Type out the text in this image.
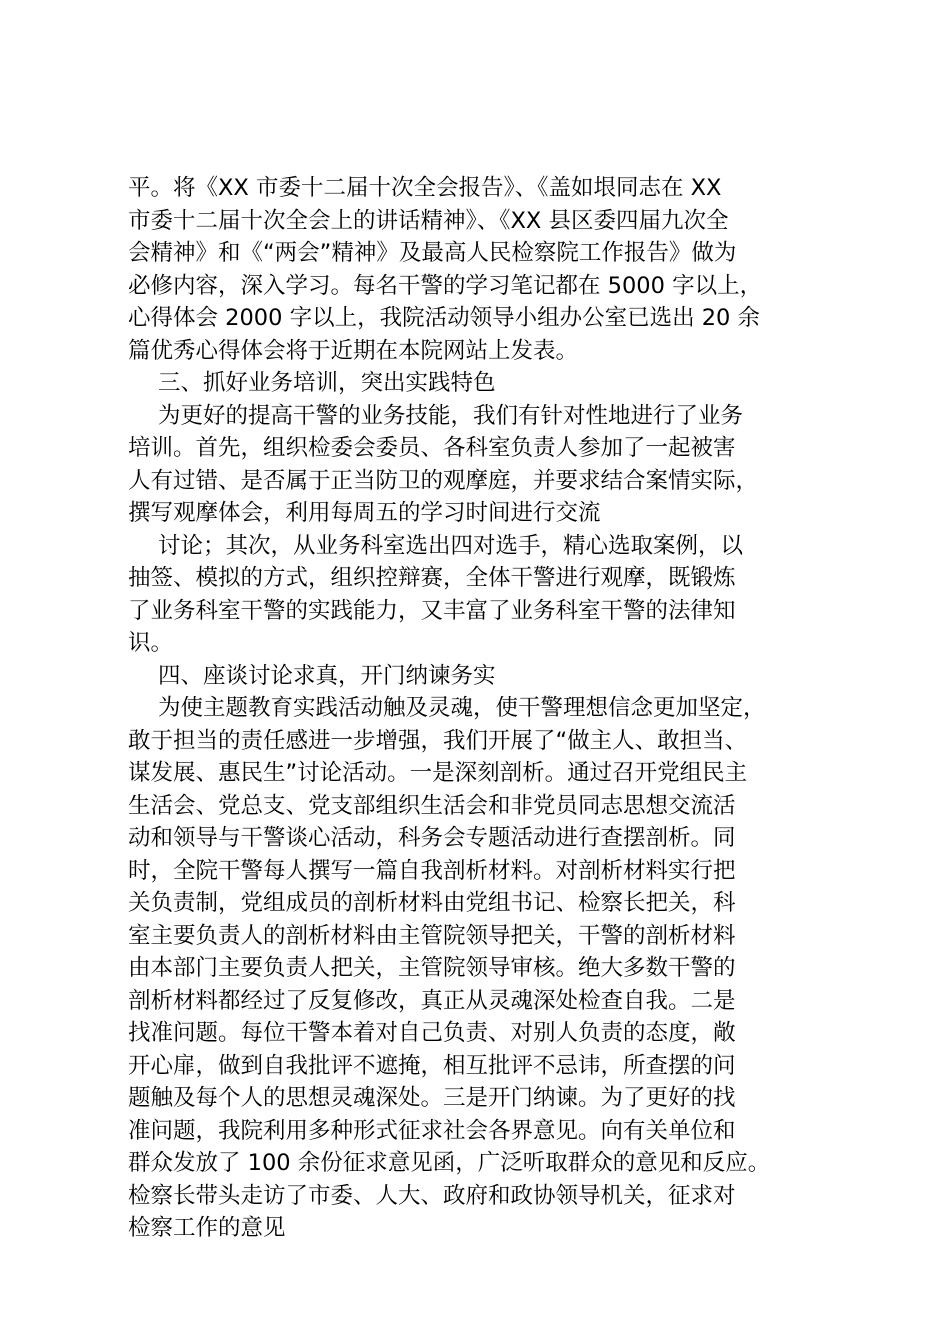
平。将《XX 市委十二届十次全会报告》、《盖如垠同志在 XX
市委十二届十次全会上的讲话精神》、《XX 县区委四届九次全
会精神》和《“两会”精神》及最高人民检察院工作报告》做为
必修内容，深入学习。每名干警的学习笔记都在 5000 字以上，
心得体会 2000 字以上，我院活动领导小组办公室已选出 20 余
篇优秀心得体会将于近期在本院网站上发表。
三、抓好业务培训，突出实践特色
为更好的提高干警的业务技能，我们有针对性地进行了业务
培训。首先，组织检委会委员、各科室负责人参加了一起被害
人有过错、是否属于正当防卫的观摩庭，并要求结合案情实际，
撰写观摩体会，利用每周五的学习时间进行交流
讨论；其次，从业务科室选出四对选手，精心选取案例，以
抽签、模拟的方式，组织控辩赛，全体干警进行观摩，既锻炼
了业务科室干警的实践能力，又丰富了业务科室干警的法律知
识。
四、座谈讨论求真，开门纳谏务实
为使主题教育实践活动触及灵魂，使干警理想信念更加坚定，
敢于担当的责任感进一步增强，我们开展了“做主人、敢担当、
谋发展、惠民生”讨论活动。一是深刻剖析。通过召开党组民主
生活会、党总支、党支部组织生活会和非党员同志思想交流活
动和领导与干警谈心活动，科务会专题活动进行查摆剖析。同
时，全院干警每人撰写一篇自我剖析材料。对剖析材料实行把
关负责制，党组成员的剖析材料由党组书记、检察长把关，科
室主要负责人的剖析材料由主管院领导把关，干警的剖析材料
由本部门主要负责人把关，主管院领导审核。绝大多数干警的
剖析材料都经过了反复修改，真正从灵魂深处检查自我。二是
找准问题。每位干警本着对自己负责、对别人负责的态度，敞
开心扉，做到自我批评不遮掩，相互批评不忌讳，所查摆的问
题触及每个人的思想灵魂深处。三是开门纳谏。为了更好的找
准问题，我院利用多种形式征求社会各界意见。向有关单位和
群众发放了 100 余份征求意见函，广泛听取群众的意见和反应。
检察长带头走访了市委、人大、政府和政协领导机关，征求对
检察工作的意见
